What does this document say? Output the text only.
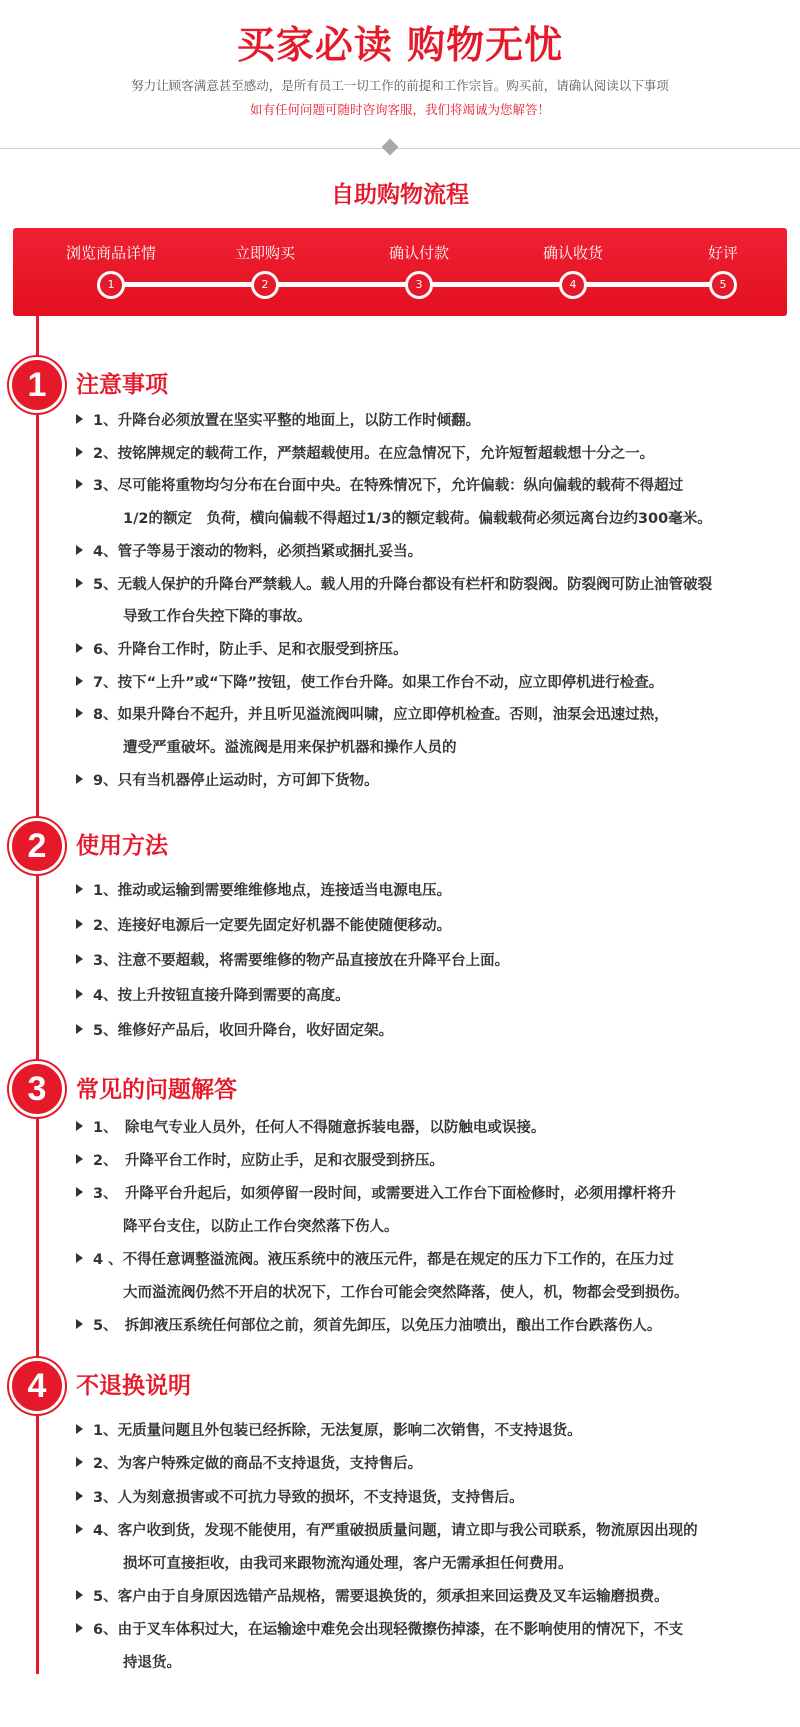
买家必读 购物无忧
努力让顾客满意甚至感动，是所有员工一切工作的前提和工作宗旨。购买前，请确认阅读以下事项
如有任何问题可随时咨询客服，我们将竭诚为您解答！
自助购物流程
浏览商品详情
1
立即购买
2
确认付款
3
确认收货
4
好评
5
1	注意事项
1、升降台必须放置在坚实平整的地面上，以防工作时倾翻。
2、按铭牌规定的载荷工作，严禁超载使用。在应急情况下，允许短暂超载想十分之一。
3、尽可能将重物均匀分布在台面中央。在特殊情况下，允许偏载：纵向偏载的载荷不得超过
1/2的额定　负荷，横向偏载不得超过1/3的额定载荷。偏载载荷必须远离台边约300毫米。
4、管子等易于滚动的物料，必须挡紧或捆扎妥当。
5、无载人保护的升降台严禁载人。载人用的升降台都设有栏杆和防裂阀。防裂阀可防止油管破裂
导致工作台失控下降的事故。
6、升降台工作时，防止手、足和衣服受到挤压。
7、按下“上升”或“下降”按钮，使工作台升降。如果工作台不动，应立即停机进行检查。
8、如果升降台不起升，并且听见溢流阀叫啸，应立即停机检查。否则，油泵会迅速过热，
遭受严重破坏。溢流阀是用来保护机器和操作人员的
9、只有当机器停止运动时，方可卸下货物。
2	使用方法
1、推动或运输到需要维维修地点，连接适当电源电压。
2、连接好电源后一定要先固定好机器不能使随便移动。
3、注意不要超载，将需要维修的物产品直接放在升降平台上面。
4、按上升按钮直接升降到需要的高度。
5、维修好产品后，收回升降台，收好固定架。
3	常见的问题解答
1、　除电气专业人员外，任何人不得随意拆装电器，以防触电或误接。
2、　升降平台工作时，应防止手，足和衣服受到挤压。
3、　升降平台升起后，如须停留一段时间，或需要进入工作台下面检修时，必须用撑杆将升
降平台支住，以防止工作台突然落下伤人。
4 、不得任意调整溢流阀。液压系统中的液压元件，都是在规定的压力下工作的，在压力过
大而溢流阀仍然不开启的状况下，工作台可能会突然降落，使人，机，物都会受到损伤。
5、　拆卸液压系统任何部位之前，须首先卸压，以免压力油喷出，酿出工作台跌落伤人。
4	不退换说明
1、无质量问题且外包装已经拆除，无法复原，影响二次销售，不支持退货。
2、为客户特殊定做的商品不支持退货，支持售后。
3、人为刻意损害或不可抗力导致的损坏，不支持退货，支持售后。
4、客户收到货，发现不能使用，有严重破损质量问题，请立即与我公司联系，物流原因出现的
损坏可直接拒收，由我司来跟物流沟通处理，客户无需承担任何费用。
5、客户由于自身原因选错产品规格，需要退换货的，须承担来回运费及叉车运输磨损费。
6、由于叉车体积过大，在运输途中难免会出现轻微擦伤掉漆，在不影响使用的情况下，不支
持退货。
